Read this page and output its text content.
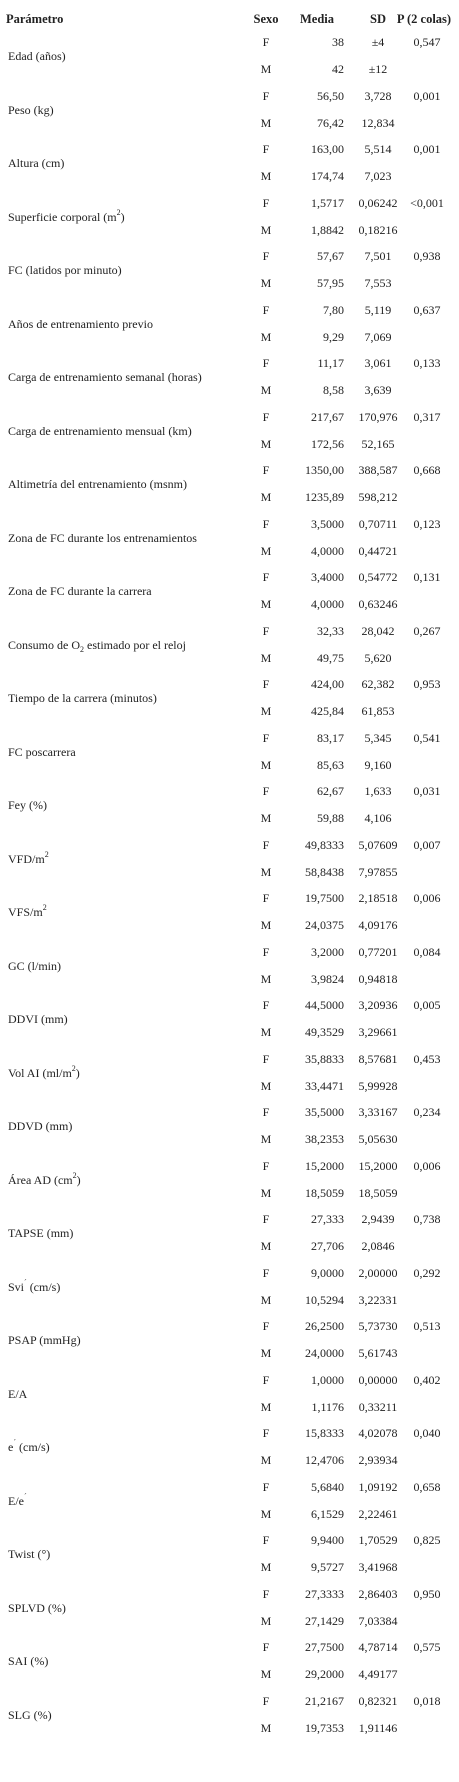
Parámetro	Sexo	Media	SD P (2 colas)
Edad (años)
F	38	±4	0,547
M	42	±12
Peso (kg)
F	56,50	3,728	0,001
M	76,42	12,834
Altura (cm)
F	163,00	5,514	0,001
M	174,74	7,023
Superficie corporal $(m^2)$
F	1,5717	0,06242	<0,001
M	1,8842	0,18216
FC (latidos por minuto)
F	57,67	7,501	0,938
M	57,95	7,553
Años de entrenamiento previo
F	7,80	5,119	0,637
M	9,29	7,069
Carga de entrenamiento semanal (horas)
F	11,17	3,061	0,133
M	8,58	3,639
Carga de entrenamiento mensual (km)
F	217,67	170,976	0,317
M	172,56	52,165
Altimetría del entrenamiento (msnm)
F	1350,00	388,587	0,668
M	1235,89	598,212
Zona de FC durante los entrenamientos
F	3,5000	0,70711	0,123
M	4,0000	0,44721
Zona de FC durante la carrera
F	3,4000	0,54772	0,131
M	4,0000	0,63246
Consumo de $O_2$ estimado por el reloj
F	32,33	28,042	0,267
M	49,75	5,620
Tiempo de la carrera (minutos)
F	424,00	62,382	0,953
M	425,84	61,853
FC poscarrera
F	83,17	5,345	0,541
M	85,63	9,160
Fey (%)
F	62,67	1,633	0,031
M	59,88	4,106
VFD/$m^2$
F	49,8333	5,07609	0,007
M	58,8438	7,97855
VFS/$m^2$
F	19,7500	2,18518	0,006
M	24,0375	4,09176
GC (l/min)
F	3,2000	0,77201	0,084
M	3,9824	0,94818
DDVI (mm)
F	44,5000	3,20936	0,005
M	49,3529	3,29661
Vol AI $(ml/m^2)$
F	35,8833	8,57681	0,453
M	33,4471	5,99928
DDVD (mm)
F	35,5000	3,33167	0,234
M	38,2353	5,05630
Área AD $(cm^2)$
F	15,2000	15,2000	0,006
M	18,5059	18,5059
TAPSE (mm)
F	27,333	2,9439	0,738
M	27,706	2,0846
Svi´ (cm/s)
F	9,0000	2,00000	0,292
M	10,5294	3,22331
PSAP (mmHg)
F	26,2500	5,73730	0,513
M	24,0000	5,61743
E/A
F	1,0000	0,00000	0,402
M	1,1176	0,33211
e´ (cm/s)
F	15,8333	4,02078	0,040
M	12,4706	2,93934
E/e´
F	5,6840	1,09192	0,658
M	6,1529	2,22461
Twist (°)
F	9,9400	1,70529	0,825
M	9,5727	3,41968
SPLVD (%)
F	27,3333	2,86403	0,950
M	27,1429	7,03384
SAI (%)
F	27,7500	4,78714	0,575
M	29,2000	4,49177
SLG (%)
F	21,2167	0,82321	0,018
M	19,7353	1,91146
